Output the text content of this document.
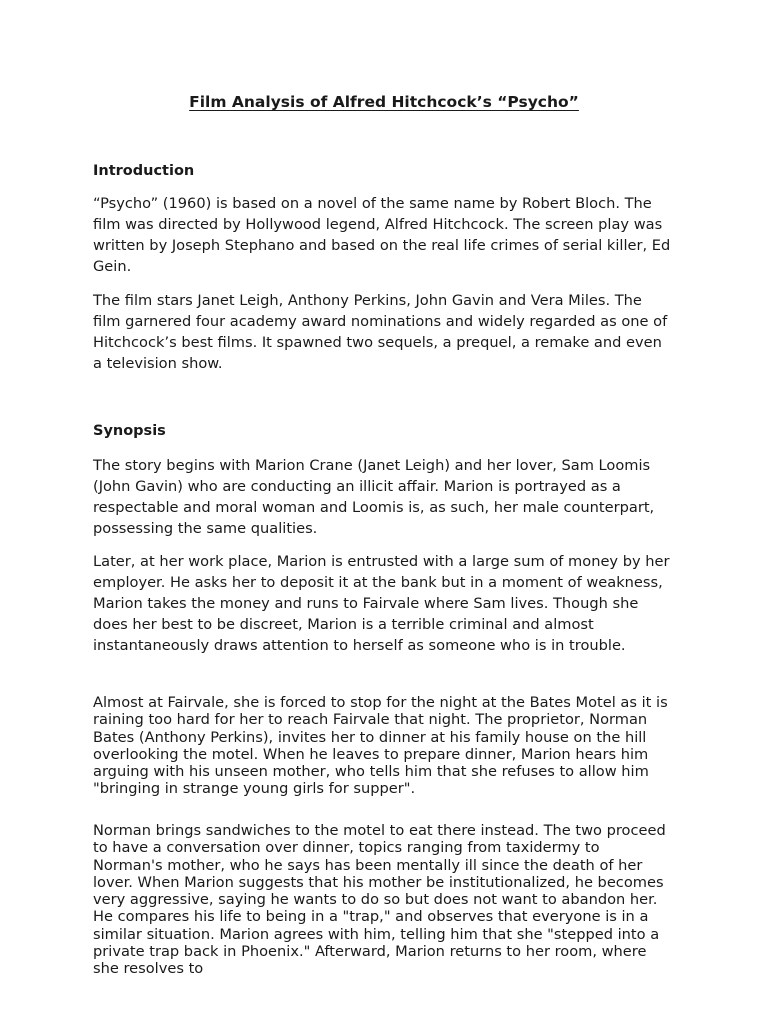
Film Analysis of Alfred Hitchcock’s “Psycho”
Introduction

“Psycho” (1960) is based on a novel of the same name by Robert Bloch. The film was directed by Hollywood legend, Alfred Hitchcock. The screen play was written by Joseph Stephano and based on the real life crimes of serial killer, Ed Gein.

The film stars Janet Leigh, Anthony Perkins, John Gavin and Vera Miles. The film garnered four academy award nominations and widely regarded as one of Hitchcock’s best films. It spawned two sequels, a prequel, a remake and even a television show.

Synopsis

The story begins with Marion Crane (Janet Leigh) and her lover, Sam Loomis (John Gavin) who are conducting an illicit affair. Marion is portrayed as a respectable and moral woman and Loomis is, as such, her male counterpart, possessing the same qualities.

Later, at her work place, Marion is entrusted with a large sum of money by her employer. He asks her to deposit it at the bank but in a moment of weakness, Marion takes the money and runs to Fairvale where Sam lives. Though she does her best to be discreet, Marion is a terrible criminal and almost instantaneously draws attention to herself as someone who is in trouble.

Almost at Fairvale, she is forced to stop for the night at the Bates Motel as it is raining too hard for her to reach Fairvale that night. The proprietor, Norman Bates (Anthony Perkins), invites her to dinner at his family house on the hill overlooking the motel. When he leaves to prepare dinner, Marion hears him arguing with his unseen mother, who tells him that she refuses to allow him "bringing in strange young girls for supper".

Norman brings sandwiches to the motel to eat there instead. The two proceed to have a conversation over dinner, topics ranging from taxidermy to Norman's mother, who he says has been mentally ill since the death of her lover. When Marion suggests that his mother be institutionalized, he becomes very aggressive, saying he wants to do so but does not want to abandon her. He compares his life to being in a "trap," and observes that everyone is in a similar situation. Marion agrees with him, telling him that she "stepped into a private trap back in Phoenix." Afterward, Marion returns to her room, where she resolves to
